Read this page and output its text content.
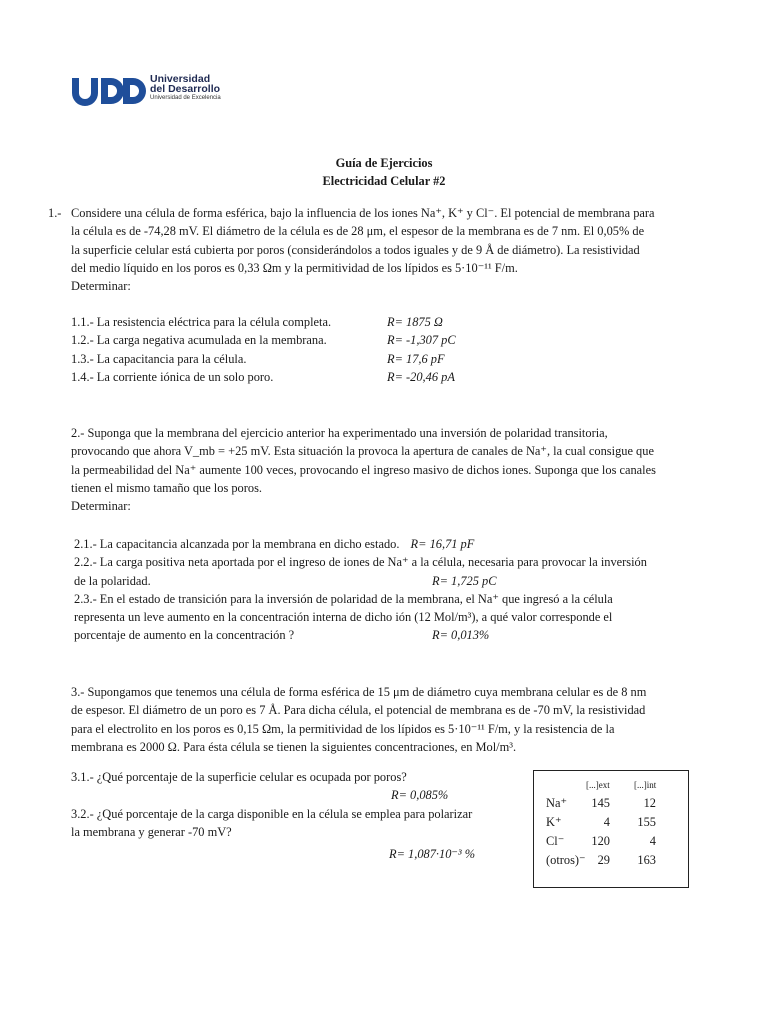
Universidad
del Desarrollo
Universidad de Excelencia
Guía de Ejercicios
Electricidad Celular #2
1.- Considere una célula de forma esférica, bajo la influencia de los iones Na⁺, K⁺ y Cl⁻. El potencial de membrana para
la célula es de -74,28 mV. El diámetro de la célula es de 28 μm, el espesor de la membrana es de 7 nm. El 0,05% de
la superficie celular está cubierta por poros (considerándolos a todos iguales y de 9 Å de diámetro). La resistividad
del medio líquido en los poros es 0,33 Ωm y la permitividad de los lípidos es 5·10⁻¹¹ F/m.
Determinar:
1.1.- La resistencia eléctrica para la célula completa.	R= 1875 Ω
1.2.- La carga negativa acumulada en la membrana.	R= -1,307 pC
1.3.- La capacitancia para la célula.	R= 17,6 pF
1.4.- La corriente iónica de un solo poro.	R= -20,46 pA
2.- Suponga que la membrana del ejercicio anterior ha experimentado una inversión de polaridad transitoria,
provocando que ahora V_mb = +25 mV. Esta situación la provoca la apertura de canales de Na⁺, la cual consigue que
la permeabilidad del Na⁺ aumente 100 veces, provocando el ingreso masivo de dichos iones. Suponga que los canales
tienen el mismo tamaño que los poros.
Determinar:
2.1.- La capacitancia alcanzada por la membrana en dicho estado. R= 16,71 pF
2.2.- La carga positiva neta aportada por el ingreso de iones de Na⁺ a la célula, necesaria para provocar la inversión
de la polaridad.	R= 1,725 pC
2.3.- En el estado de transición para la inversión de polaridad de la membrana, el Na⁺ que ingresó a la célula
representa un leve aumento en la concentración interna de dicho ión (12 Mol/m³), a qué valor corresponde el
porcentaje de aumento en la concentración ?	R= 0,013%
3.- Supongamos que tenemos una célula de forma esférica de 15 μm de diámetro cuya membrana celular es de 8 nm
de espesor. El diámetro de un poro es 7 Å. Para dicha célula, el potencial de membrana es de -70 mV, la resistividad
para el electrolito en los poros es 0,15 Ωm, la permitividad de los lípidos es 5·10⁻¹¹ F/m, y la resistencia de la
membrana es 2000 Ω. Para ésta célula se tienen la siguientes concentraciones, en Mol/m³.
3.1.- ¿Qué porcentaje de la superficie celular es ocupada por poros?
R= 0,085%
3.2.- ¿Qué porcentaje de la carga disponible en la célula se emplea para polarizar
la membrana y generar -70 mV?
R= 1,087·10⁻³ %
[...]ext	[...]int
Na⁺ 145	12
K⁺	4 155
Cl⁻ 120	4
(otros)⁻ 29 163
